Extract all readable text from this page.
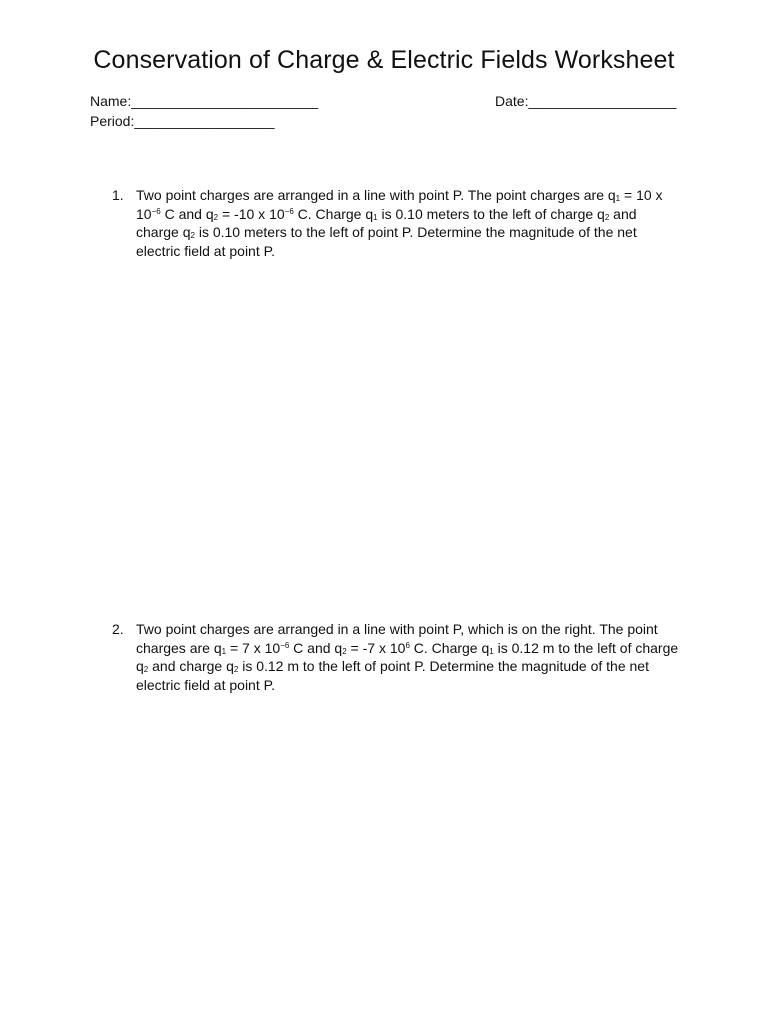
Conservation of Charge & Electric Fields Worksheet
Name:________________________	Date:___________________
Period:__________________
1. Two point charges are arranged in a line with point P. The point charges are $q_1 = 10$ x $10^{-6}$ C and $q_2 = -10$ x $10^{-6}$ C. Charge $q_1$ is 0.10 meters to the left of charge $q_2$ and charge $q_2$ is 0.10 meters to the left of point P. Determine the magnitude of the net electric field at point P.
2. Two point charges are arranged in a line with point P, which is on the right. The point charges are $q_1 = 7$ x $10^{-6}$ C and $q_2 = -7$ x $10^6$ C. Charge $q_1$ is 0.12 m to the left of charge $q_2$ and charge $q_2$ is 0.12 m to the left of point P. Determine the magnitude of the net electric field at point P.
